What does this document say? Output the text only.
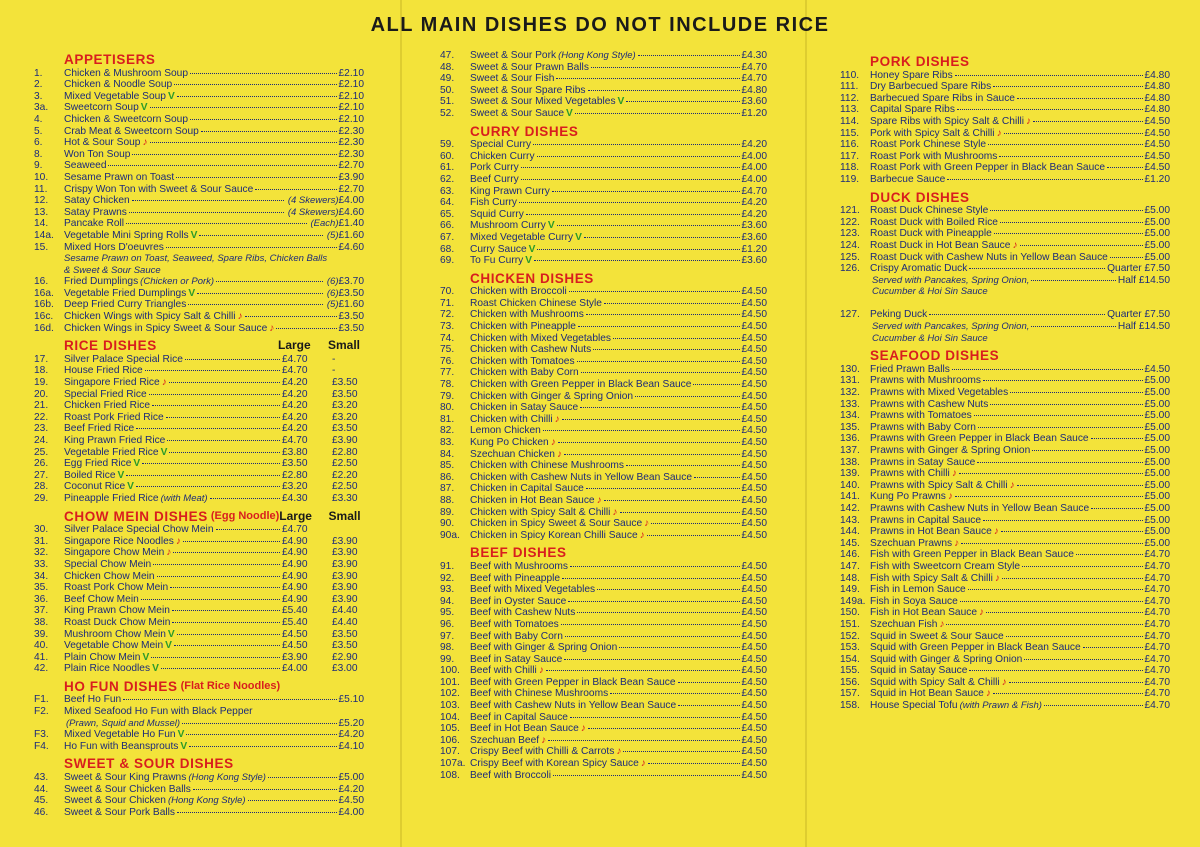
ALL MAIN DISHES DO NOT INCLUDE RICE
APPETISERS
1.	Chicken & Mushroom Soup	£2.10
2.	Chicken & Noodle Soup	£2.10
3.	Mixed Vegetable Soup V	£2.10
3a.	Sweetcorn Soup V	£2.10
4.	Chicken & Sweetcorn Soup	£2.10
5.	Crab Meat & Sweetcorn Soup	£2.30
6.	Hot & Sour Soup ♪	£2.30
8.	Won Ton Soup	£2.30
9.	Seaweed	£2.70
10.	Sesame Prawn on Toast	£3.90
11.	Crispy Won Ton with Sweet & Sour Sauce	£2.70
12.	Satay Chicken	(4 Skewers) £4.00
13.	Satay Prawns	(4 Skewers) £4.60
14.	Pancake Roll	(Each) £1.40
14a. Vegetable Mini Spring Rolls V	(5) £1.60
15.	Mixed Hors D'oeuvres	£4.60
Sesame Prawn on Toast, Seaweed, Spare Ribs, Chicken Balls
& Sweet & Sour Sauce
16.	Fried Dumplings (Chicken or Pork)	(6) £3.70
16a. Vegetable Fried Dumplings V	(6) £3.50
16b. Deep Fried Curry Triangles	(5) £1.60
16c.	Chicken Wings with Spicy Salt & Chilli ♪	£3.50
16d. Chicken Wings in Spicy Sweet & Sour Sauce ♪	£3.50
RICE DISHES	Large	Small
17.	Silver Palace Special Rice	£4.70	-
18.	House Fried Rice	£4.70	-
19.	Singapore Fried Rice ♪	£4.20	£3.50
20.	Special Fried Rice	£4.20	£3.50
21.	Chicken Fried Rice	£4.20	£3.20
22.	Roast Pork Fried Rice	£4.20	£3.20
23.	Beef Fried Rice	£4.20	£3.50
24.	King Prawn Fried Rice	£4.70	£3.90
25.	Vegetable Fried Rice V	£3.80	£2.80
26.	Egg Fried Rice V	£3.50	£2.50
27.	Boiled Rice V	£2.80	£2.20
28.	Coconut Rice V	£3.20	£2.50
29.	Pineapple Fried Rice (with Meat)	£4.30	£3.30
CHOW MEIN DISHES (Egg Noodle) Large	Small
30.	Silver Palace Special Chow Mein	£4.70
31.	Singapore Rice Noodles ♪	£4.90	£3.90
32.	Singapore Chow Mein ♪	£4.90	£3.90
33.	Special Chow Mein	£4.90	£3.90
34.	Chicken Chow Mein	£4.90	£3.90
35.	Roast Pork Chow Mein	£4.90	£3.90
36.	Beef Chow Mein	£4.90	£3.90
37.	King Prawn Chow Mein	£5.40	£4.40
38.	Roast Duck Chow Mein	£5.40	£4.40
39.	Mushroom Chow Mein V	£4.50	£3.50
40.	Vegetable Chow Mein V	£4.50	£3.50
41.	Plain Chow Mein V	£3.90	£2.90
42.	Plain Rice Noodles V	£4.00	£3.00
HO FUN DISHES (Flat Rice Noodles)
F1.	Beef Ho Fun	£5.10
F2.	Mixed Seafood Ho Fun with Black Pepper
(Prawn, Squid and Mussel)	£5.20
F3.	Mixed Vegetable Ho Fun V	£4.20
F4.	Ho Fun with Beansprouts V	£4.10
SWEET & SOUR DISHES
43.	Sweet & Sour King Prawns (Hong Kong Style)	£5.00
44.	Sweet & Sour Chicken Balls	£4.20
45.	Sweet & Sour Chicken (Hong Kong Style)	£4.50
46.	Sweet & Sour Pork Balls	£4.00
47.	Sweet & Sour Pork (Hong Kong Style)	£4.30
48.	Sweet & Sour Prawn Balls	£4.70
49.	Sweet & Sour Fish	£4.70
50.	Sweet & Sour Spare Ribs	£4.80
51.	Sweet & Sour Mixed Vegetables V	£3.60
52.	Sweet & Sour Sauce V	£1.20
CURRY DISHES
59.	Special Curry	£4.20
60.	Chicken Curry	£4.00
61.	Pork Curry	£4.00
62.	Beef Curry	£4.00
63.	King Prawn Curry	£4.70
64.	Fish Curry	£4.20
65.	Squid Curry	£4.20
66.	Mushroom Curry V	£3.60
67.	Mixed Vegetable Curry V	£3.60
68.	Curry Sauce V	£1.20
69.	To Fu Curry V	£3.60
CHICKEN DISHES
70.	Chicken with Broccoli	£4.50
71.	Roast Chicken Chinese Style	£4.50
72.	Chicken with Mushrooms	£4.50
73.	Chicken with Pineapple	£4.50
74.	Chicken with Mixed Vegetables	£4.50
75.	Chicken with Cashew Nuts	£4.50
76.	Chicken with Tomatoes	£4.50
77.	Chicken with Baby Corn	£4.50
78.	Chicken with Green Pepper in Black Bean Sauce	£4.50
79.	Chicken with Ginger & Spring Onion	£4.50
80.	Chicken in Satay Sauce	£4.50
81.	Chicken with Chilli ♪	£4.50
82.	Lemon Chicken	£4.50
83.	Kung Po Chicken ♪	£4.50
84.	Szechuan Chicken ♪	£4.50
85.	Chicken with Chinese Mushrooms	£4.50
86.	Chicken with Cashew Nuts in Yellow Bean Sauce	£4.50
87.	Chicken in Capital Sauce	£4.50
88.	Chicken in Hot Bean Sauce ♪	£4.50
89.	Chicken with Spicy Salt & Chilli ♪	£4.50
90.	Chicken in Spicy Sweet & Sour Sauce ♪	£4.50
90a. Chicken in Spicy Korean Chilli Sauce ♪	£4.50
BEEF DISHES
91.	Beef with Mushrooms	£4.50
92.	Beef with Pineapple	£4.50
93.	Beef with Mixed Vegetables	£4.50
94.	Beef in Oyster Sauce	£4.50
95.	Beef with Cashew Nuts	£4.50
96.	Beef with Tomatoes	£4.50
97.	Beef with Baby Corn	£4.50
98.	Beef with Ginger & Spring Onion	£4.50
99.	Beef in Satay Sauce	£4.50
100. Beef with Chilli ♪	£4.50
101. Beef with Green Pepper in Black Bean Sauce	£4.50
102. Beef with Chinese Mushrooms	£4.50
103. Beef with Cashew Nuts in Yellow Bean Sauce	£4.50
104. Beef in Capital Sauce	£4.50
105. Beef in Hot Bean Sauce ♪	£4.50
106. Szechuan Beef ♪	£4.50
107. Crispy Beef with Chilli & Carrots ♪	£4.50
107a. Crispy Beef with Korean Spicy Sauce ♪	£4.50
108. Beef with Broccoli	£4.50
PORK DISHES
110.	Honey Spare Ribs	£4.80
111.	Dry Barbecued Spare Ribs	£4.80
112.	Barbecued Spare Ribs in Sauce	£4.80
113.	Capital Spare Ribs	£4.80
114.	Spare Ribs with Spicy Salt & Chilli ♪	£4.50
115.	Pork with Spicy Salt & Chilli ♪	£4.50
116.	Roast Pork Chinese Style	£4.50
117.	Roast Pork with Mushrooms	£4.50
118.	Roast Pork with Green Pepper in Black Bean Sauce	£4.50
119.	Barbecue Sauce	£1.20
DUCK DISHES
121. Roast Duck Chinese Style	£5.00
122. Roast Duck with Boiled Rice	£5.00
123. Roast Duck with Pineapple	£5.00
124. Roast Duck in Hot Bean Sauce ♪	£5.00
125. Roast Duck with Cashew Nuts in Yellow Bean Sauce	£5.00
126. Crispy Aromatic Duck	Quarter £7.50
Served with Pancakes, Spring Onion,	Half £14.50
Cucumber & Hoi Sin Sauce
127. Peking Duck	Quarter £7.50
Served with Pancakes, Spring Onion,	Half £14.50
Cucumber & Hoi Sin Sauce
SEAFOOD DISHES
130. Fried Prawn Balls	£4.50
131. Prawns with Mushrooms	£5.00
132. Prawns with Mixed Vegetables	£5.00
133. Prawns with Cashew Nuts	£5.00
134. Prawns with Tomatoes	£5.00
135. Prawns with Baby Corn	£5.00
136. Prawns with Green Pepper in Black Bean Sauce	£5.00
137. Prawns with Ginger & Spring Onion	£5.00
138. Prawns in Satay Sauce	£5.00
139. Prawns with Chilli ♪	£5.00
140. Prawns with Spicy Salt & Chilli ♪	£5.00
141. Kung Po Prawns ♪	£5.00
142. Prawns with Cashew Nuts in Yellow Bean Sauce	£5.00
143. Prawns in Capital Sauce	£5.00
144. Prawns in Hot Bean Sauce ♪	£5.00
145. Szechuan Prawns ♪	£5.00
146. Fish with Green Pepper in Black Bean Sauce	£4.70
147. Fish with Sweetcorn Cream Style	£4.70
148. Fish with Spicy Salt & Chilli ♪	£4.70
149. Fish in Lemon Sauce	£4.70
149a. Fish in Soya Sauce	£4.70
150. Fish in Hot Bean Sauce ♪	£4.70
151. Szechuan Fish ♪	£4.70
152. Squid in Sweet & Sour Sauce	£4.70
153. Squid with Green Pepper in Black Bean Sauce	£4.70
154. Squid with Ginger & Spring Onion	£4.70
155. Squid in Satay Sauce	£4.70
156. Squid with Spicy Salt & Chilli ♪	£4.70
157. Squid in Hot Bean Sauce ♪	£4.70
158. House Special Tofu (with Prawn & Fish)	£4.70
